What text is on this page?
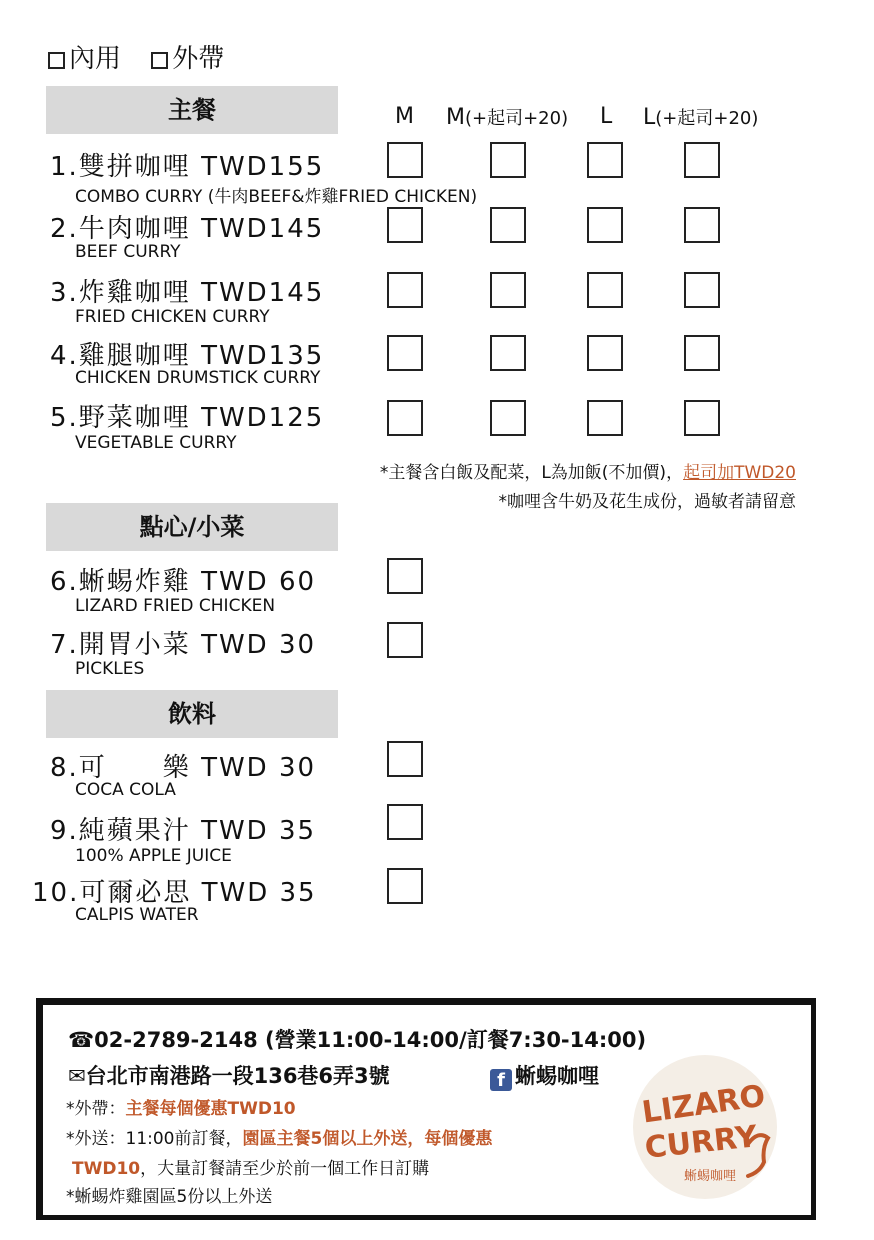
內用 外帶
主餐	M M(+起司+20) L L(+起司+20)
1.雙拼咖哩 TWD155
COMBO CURRY (牛肉BEEF&炸雞FRIED CHICKEN)
2.牛肉咖哩 TWD145
BEEF CURRY
3.炸雞咖哩 TWD145
FRIED CHICKEN CURRY
4.雞腿咖哩 TWD135
CHICKEN DRUMSTICK CURRY
5.野菜咖哩 TWD125
VEGETABLE CURRY
*主餐含白飯及配菜，L為加飯(不加價)，起司加TWD20
*咖哩含牛奶及花生成份，過敏者請留意
點心/小菜
6.蜥蜴炸雞 TWD 60
LIZARD FRIED CHICKEN
7.開胃小菜 TWD 30
PICKLES
飲料
8.可　　樂 TWD 30
COCA COLA
9.純蘋果汁 TWD 35
100% APPLE JUICE
10.可爾必思 TWD 35
CALPIS WATER
☎02-2789-2148 (營業11:00-14:00/訂餐7:30-14:00)
✉台北市南港路一段136巷6弄3號	f 蜥蜴咖哩
*外帶：主餐每個優惠TWD10
*外送：11:00前訂餐，園區主餐5個以上外送，每個優惠
TWD10，大量訂餐請至少於前一個工作日訂購
*蜥蜴炸雞園區5份以上外送
LIZARO
CURRY
蜥蜴咖哩
